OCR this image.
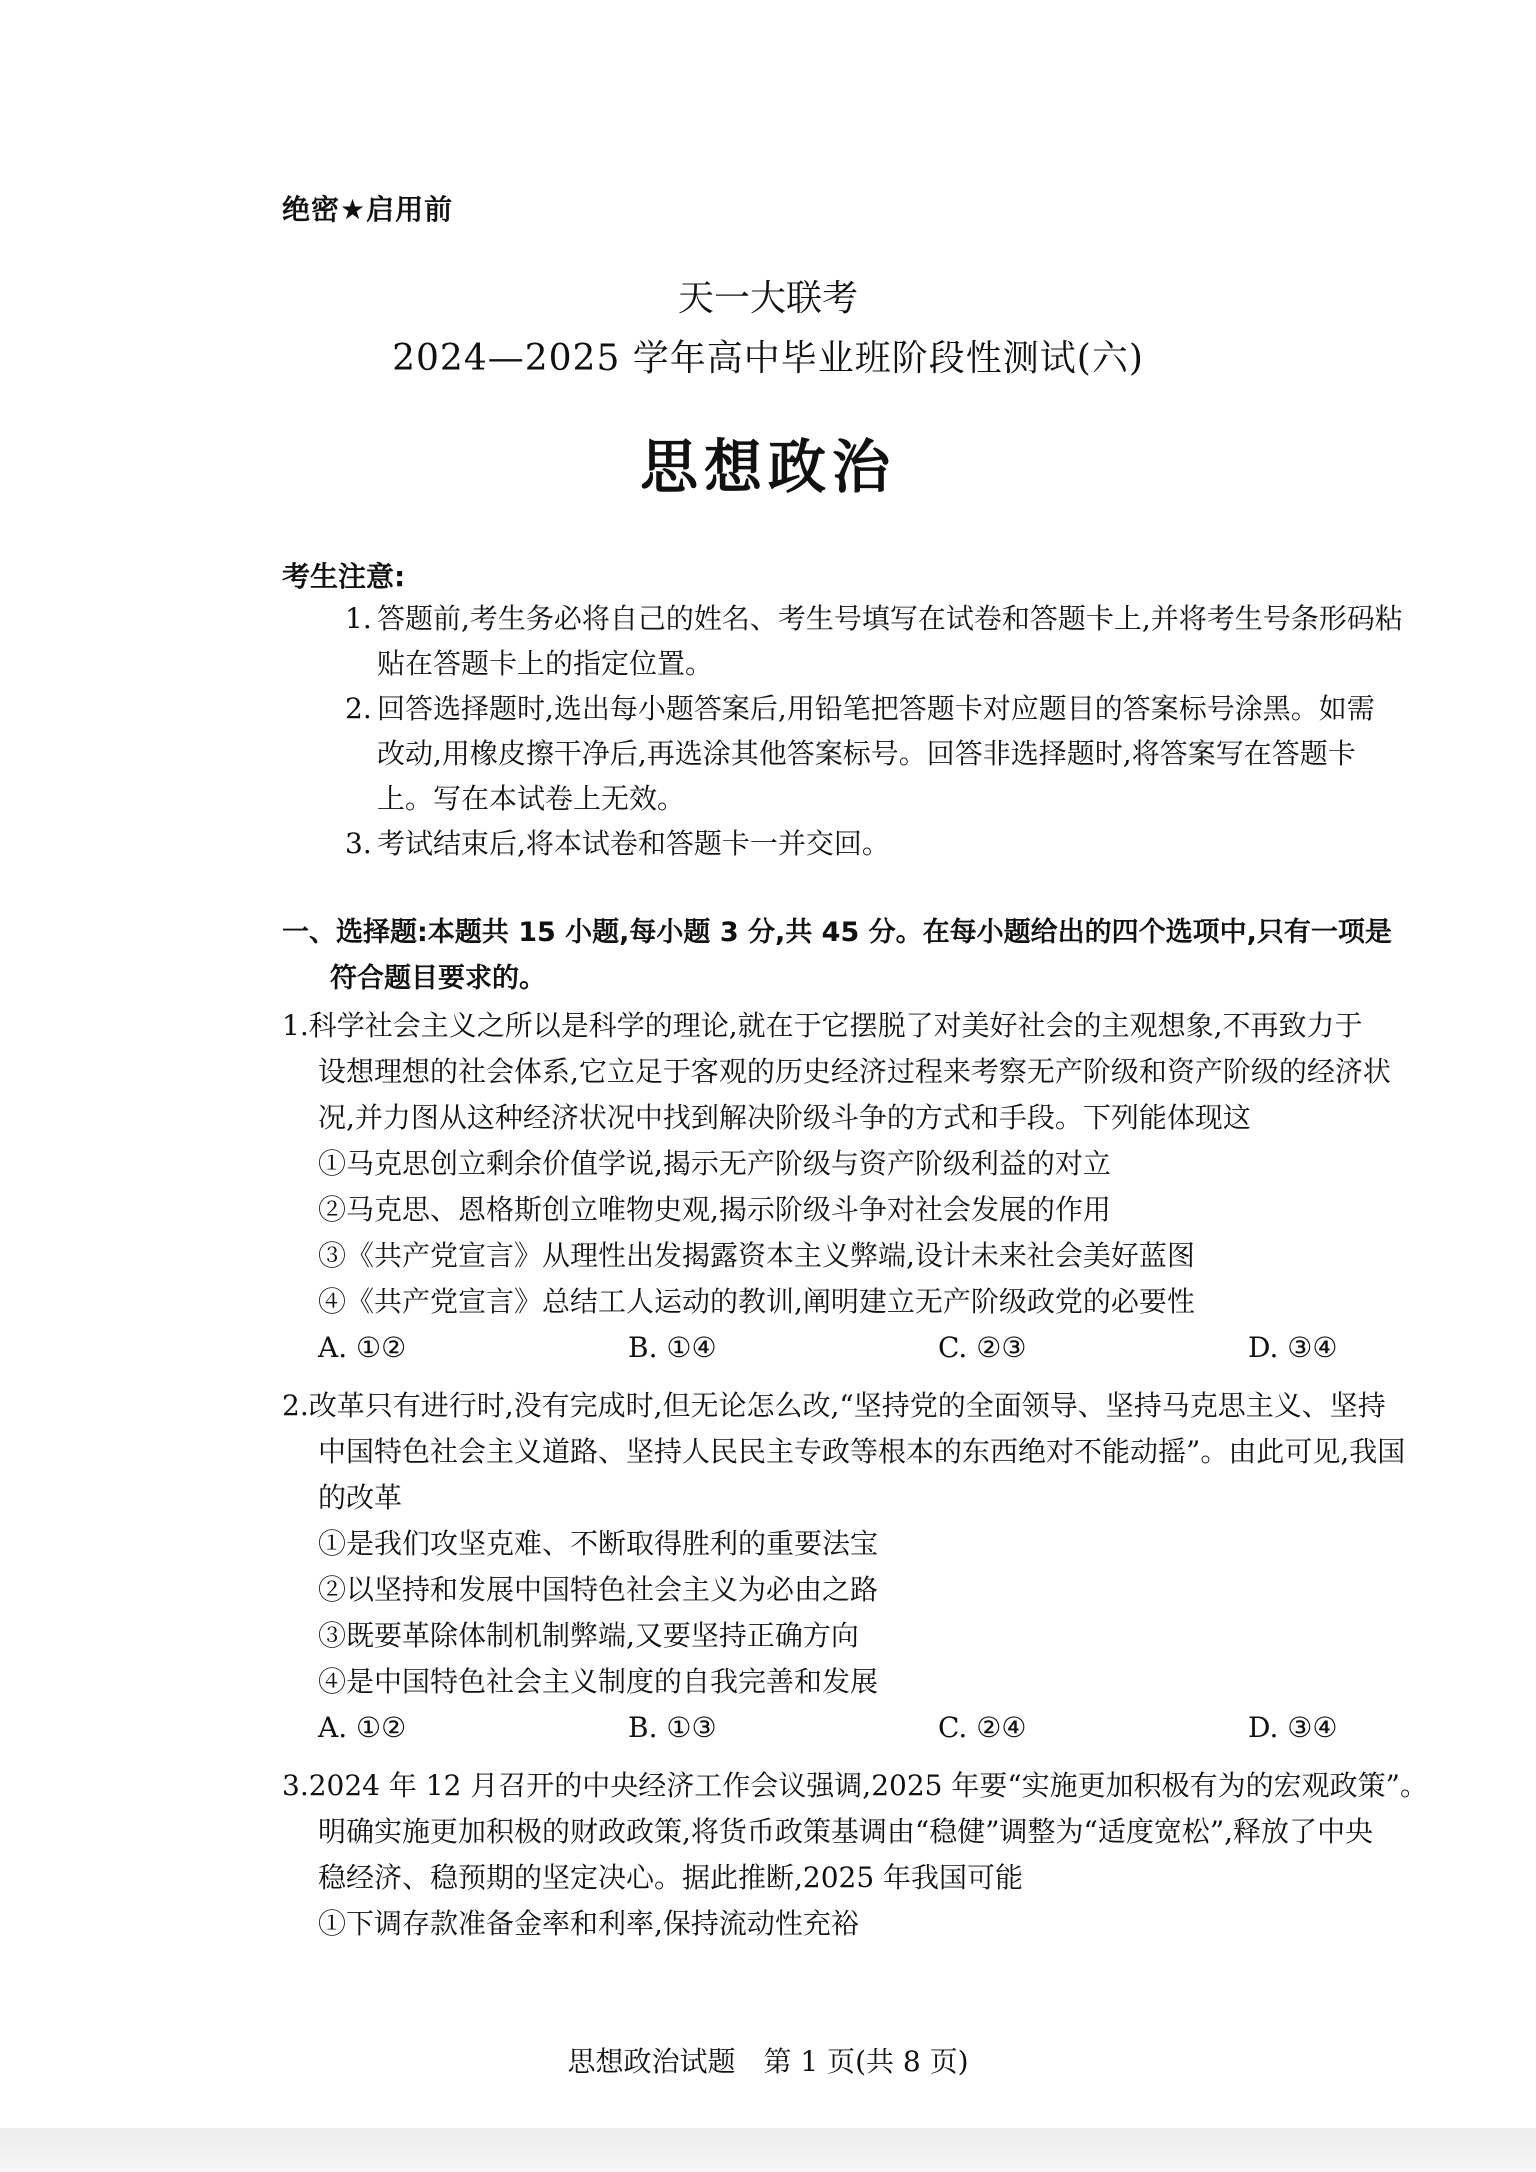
绝密★启用前
天一大联考
2024—2025 学年高中毕业班阶段性测试(六)
思想政治
考生注意:
1. 答题前,考生务必将自己的姓名、考生号填写在试卷和答题卡上,并将考生号条形码粘
贴在答题卡上的指定位置。
2. 回答选择题时,选出每小题答案后,用铅笔把答题卡对应题目的答案标号涂黑。如需
改动,用橡皮擦干净后,再选涂其他答案标号。回答非选择题时,将答案写在答题卡
上。写在本试卷上无效。
3. 考试结束后,将本试卷和答题卡一并交回。
一、选择题:本题共 15 小题,每小题 3 分,共 45 分。在每小题给出的四个选项中,只有一项是
符合题目要求的。
1.科学社会主义之所以是科学的理论,就在于它摆脱了对美好社会的主观想象,不再致力于
设想理想的社会体系,它立足于客观的历史经济过程来考察无产阶级和资产阶级的经济状
况,并力图从这种经济状况中找到解决阶级斗争的方式和手段。下列能体现这
①马克思创立剩余价值学说,揭示无产阶级与资产阶级利益的对立
②马克思、恩格斯创立唯物史观,揭示阶级斗争对社会发展的作用
③《共产党宣言》从理性出发揭露资本主义弊端,设计未来社会美好蓝图
④《共产党宣言》总结工人运动的教训,阐明建立无产阶级政党的必要性
A. ①②	B. ①④	C. ②③	D. ③④
2.改革只有进行时,没有完成时,但无论怎么改,“坚持党的全面领导、坚持马克思主义、坚持
中国特色社会主义道路、坚持人民民主专政等根本的东西绝对不能动摇”。由此可见,我国
的改革
①是我们攻坚克难、不断取得胜利的重要法宝
②以坚持和发展中国特色社会主义为必由之路
③既要革除体制机制弊端,又要坚持正确方向
④是中国特色社会主义制度的自我完善和发展
A. ①②	B. ①③	C. ②④	D. ③④
3.2024 年 12 月召开的中央经济工作会议强调,2025 年要“实施更加积极有为的宏观政策”。
明确实施更加积极的财政政策,将货币政策基调由“稳健”调整为“适度宽松”,释放了中央
稳经济、稳预期的坚定决心。据此推断,2025 年我国可能
①下调存款准备金率和利率,保持流动性充裕
思想政治试题　第 1 页(共 8 页)
